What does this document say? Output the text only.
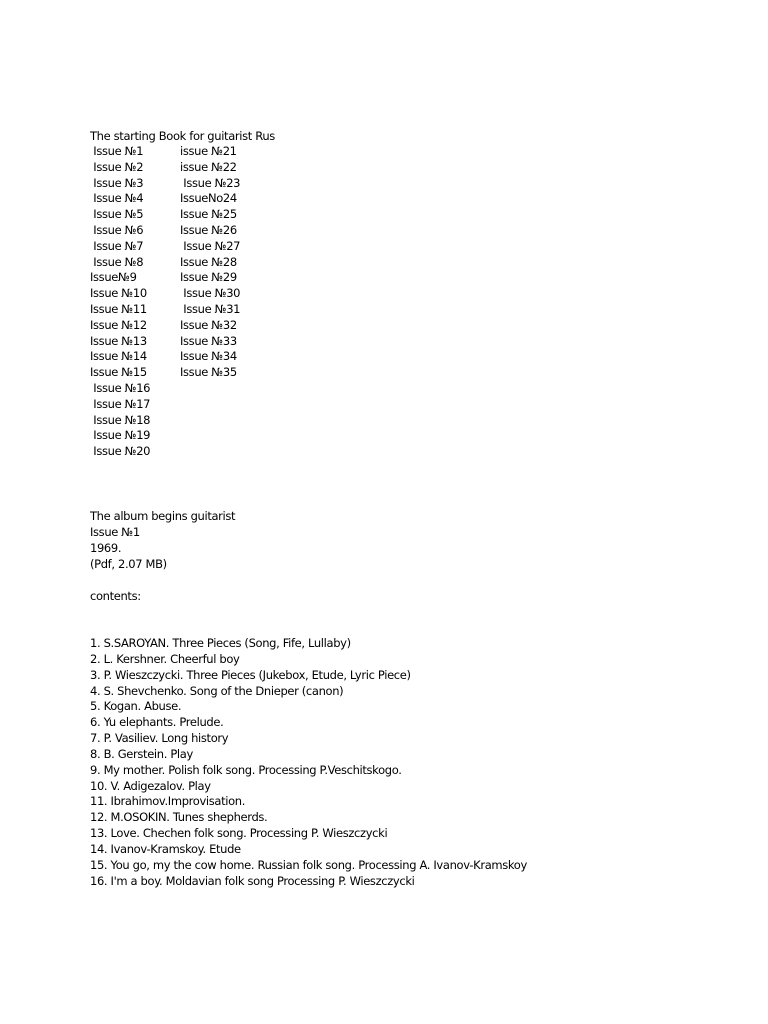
The starting Book for guitarist Rus
Issue №1
Issue №2
Issue №3
Issue №4
Issue №5
Issue №6
Issue №7
Issue №8
Issue№9
Issue №10
Issue №11
Issue №12
Issue №13
Issue №14
Issue №15
Issue №16
Issue №17
Issue №18
Issue №19
Issue №20
issue №21
issue №22
Issue №23
IssueNo24
Issue №25
Issue №26
Issue №27
Issue №28
Issue №29
Issue №30
Issue №31
Issue №32
Issue №33
Issue №34
Issue №35
The album begins guitarist
Issue №1
1969.
(Pdf, 2.07 MB)
contents:
1. S.SAROYAN. Three Pieces (Song, Fife, Lullaby)
2. L. Kershner. Cheerful boy
3. P. Wieszczycki. Three Pieces (Jukebox, Etude, Lyric Piece)
4. S. Shevchenko. Song of the Dnieper (canon)
5. Kogan. Abuse.
6. Yu elephants. Prelude.
7. P. Vasiliev. Long history
8. B. Gerstein. Play
9. My mother. Polish folk song. Processing P.Veschitskogo.
10. V. Adigezalov. Play
11. Ibrahimov.Improvisation.
12. M.OSOKIN. Tunes shepherds.
13. Love. Chechen folk song. Processing P. Wieszczycki
14. Ivanov-Kramskoy. Etude
15. You go, my the cow home. Russian folk song. Processing A. Ivanov-Kramskoy
16. I'm a boy. Moldavian folk song Processing P. Wieszczycki
